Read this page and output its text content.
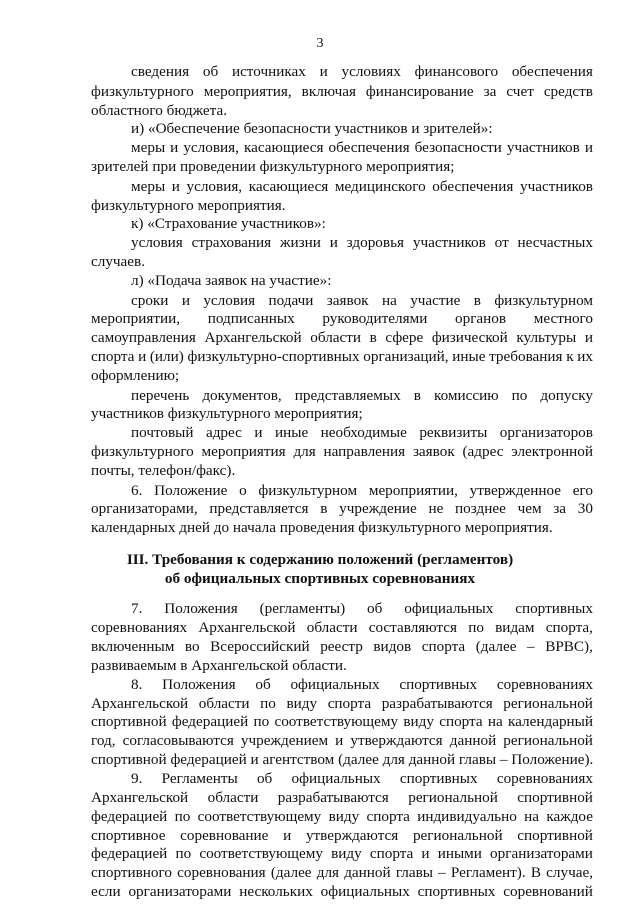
3
сведения об источниках и условиях финансового обеспечения
физкультурного мероприятия, включая финансирование за счет средств
областного бюджета.
и) «Обеспечение безопасности участников и зрителей»:
меры и условия, касающиеся обеспечения безопасности участников и
зрителей при проведении физкультурного мероприятия;
меры и условия, касающиеся медицинского обеспечения участников
физкультурного мероприятия.
к) «Страхование участников»:
условия страхования жизни и здоровья участников от несчастных
случаев.
л) «Подача заявок на участие»:
сроки и условия подачи заявок на участие в физкультурном
мероприятии, подписанных руководителями органов местного
самоуправления Архангельской области в сфере физической культуры и
спорта и (или) физкультурно-спортивных организаций, иные требования к их
оформлению;
перечень документов, представляемых в комиссию по допуску
участников физкультурного мероприятия;
почтовый адрес и иные необходимые реквизиты организаторов
физкультурного мероприятия для направления заявок (адрес электронной
почты, телефон/факс).
6. Положение о физкультурном мероприятии, утвержденное его
организаторами, представляется в учреждение не позднее чем за 30
календарных дней до начала проведения физкультурного мероприятия.
III. Требования к содержанию положений (регламентов)
об официальных спортивных соревнованиях
7. Положения (регламенты) об официальных спортивных
соревнованиях Архангельской области составляются по видам спорта,
включенным во Всероссийский реестр видов спорта (далее – ВРВС),
развиваемым в Архангельской области.
8. Положения об официальных спортивных соревнованиях
Архангельской области по виду спорта разрабатываются региональной
спортивной федерацией по соответствующему виду спорта на календарный
год, согласовываются учреждением и утверждаются данной региональной
спортивной федерацией и агентством (далее для данной главы – Положение).
9. Регламенты об официальных спортивных соревнованиях
Архангельской области разрабатываются региональной спортивной
федерацией по соответствующему виду спорта индивидуально на каждое
спортивное соревнование и утверждаются региональной спортивной
федерацией по соответствующему виду спорта и иными организаторами
спортивного соревнования (далее для данной главы – Регламент). В случае,
если организаторами нескольких официальных спортивных соревнований
